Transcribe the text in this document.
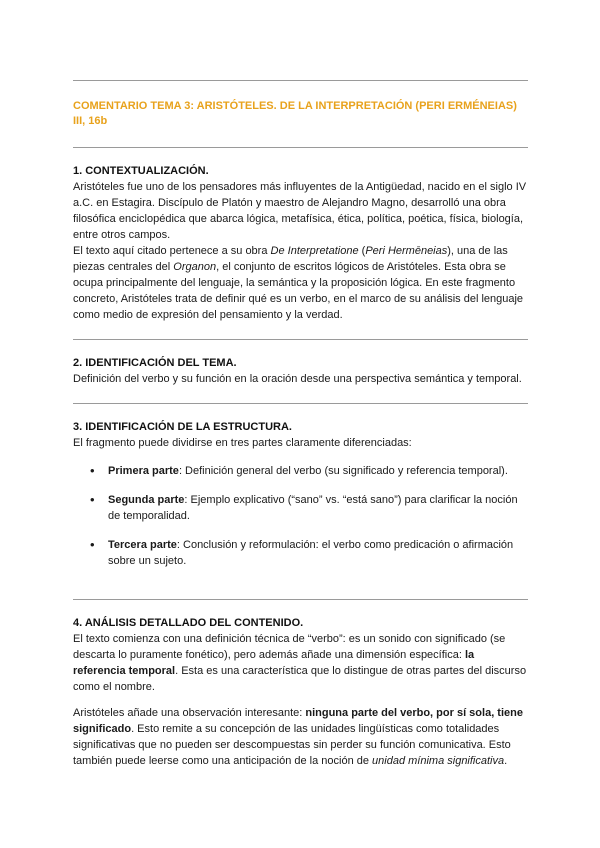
COMENTARIO TEMA 3: ARISTÓTELES. DE LA INTERPRETACIÓN (PERI ERMÉNEIAS)
III, 16b
1. CONTEXTUALIZACIÓN.

Aristóteles fue uno de los pensadores más influyentes de la Antigüedad, nacido en el siglo IV a.C. en Estagira. Discípulo de Platón y maestro de Alejandro Magno, desarrolló una obra filosófica enciclopédica que abarca lógica, metafísica, ética, política, poética, física, biología, entre otros campos.

El texto aquí citado pertenece a su obra De Interpretatione (Peri Hermēneias), una de las piezas centrales del Organon, el conjunto de escritos lógicos de Aristóteles. Esta obra se ocupa principalmente del lenguaje, la semántica y la proposición lógica. En este fragmento concreto, Aristóteles trata de definir qué es un verbo, en el marco de su análisis del lenguaje como medio de expresión del pensamiento y la verdad.

2. IDENTIFICACIÓN DEL TEMA.

Definición del verbo y su función en la oración desde una perspectiva semántica y temporal.

3. IDENTIFICACIÓN DE LA ESTRUCTURA.

El fragmento puede dividirse en tres partes claramente diferenciadas:

• Primera parte: Definición general del verbo (su significado y referencia temporal).
• Segunda parte: Ejemplo explicativo (“sano” vs. “está sano”) para clarificar la noción de temporalidad.
• Tercera parte: Conclusión y reformulación: el verbo como predicación o afirmación sobre un sujeto.
4. ANÁLISIS DETALLADO DEL CONTENIDO.

El texto comienza con una definición técnica de “verbo”: es un sonido con significado (se descarta lo puramente fonético), pero además añade una dimensión específica: la referencia temporal. Esta es una característica que lo distingue de otras partes del discurso como el nombre.

Aristóteles añade una observación interesante: ninguna parte del verbo, por sí sola, tiene significado. Esto remite a su concepción de las unidades lingüísticas como totalidades significativas que no pueden ser descompuestas sin perder su función comunicativa. Esto también puede leerse como una anticipación de la noción de unidad mínima significativa.
